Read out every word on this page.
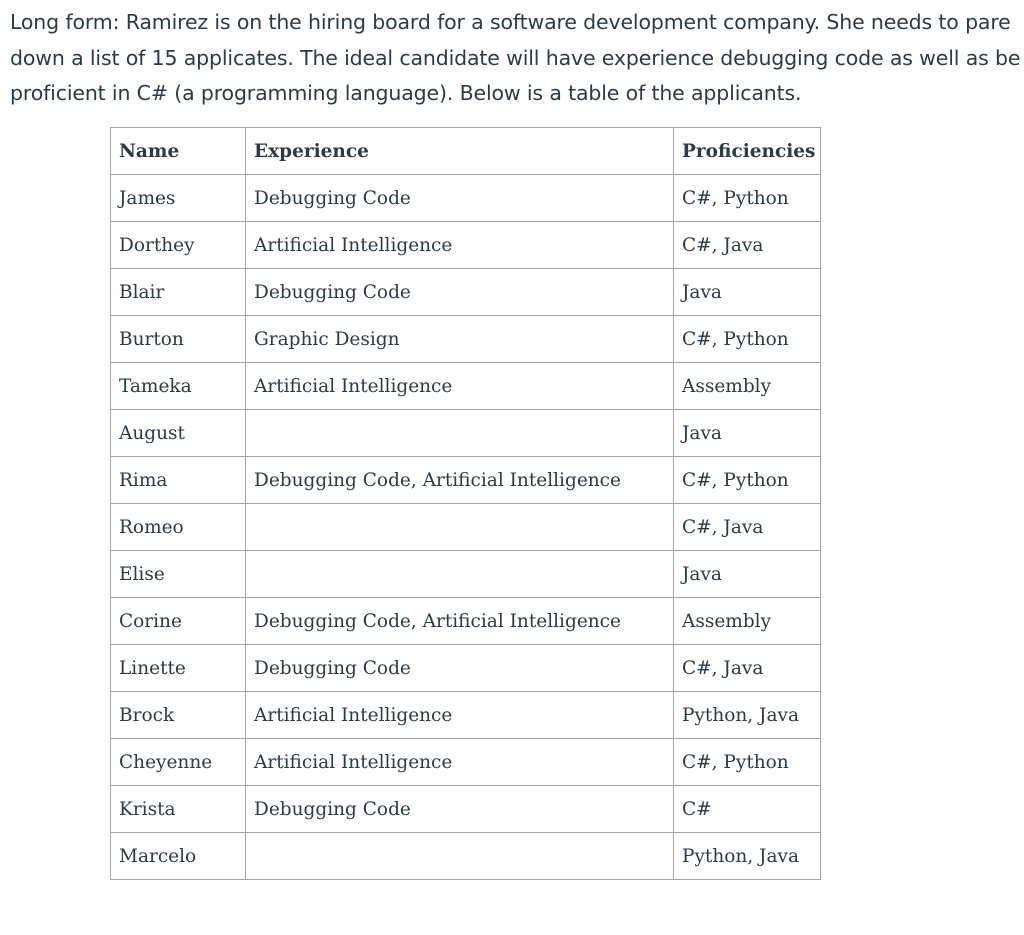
Long form: Ramirez is on the hiring board for a software development company. She needs to pare
down a list of 15 applicates. The ideal candidate will have experience debugging code as well as be
proficient in C# (a programming language). Below is a table of the applicants.

Name	Experience	Proficiencies
James	Debugging Code	C#, Python
Dorthey	Artificial Intelligence	C#, Java
Blair	Debugging Code	Java
Burton	Graphic Design	C#, Python
Tameka	Artificial Intelligence	Assembly
August		Java
Rima	Debugging Code, Artificial Intelligence	C#, Python
Romeo		C#, Java
Elise		Java
Corine	Debugging Code, Artificial Intelligence	Assembly
Linette	Debugging Code	C#, Java
Brock	Artificial Intelligence	Python, Java
Cheyenne	Artificial Intelligence	C#, Python
Krista	Debugging Code	C#
Marcelo		Python, Java
